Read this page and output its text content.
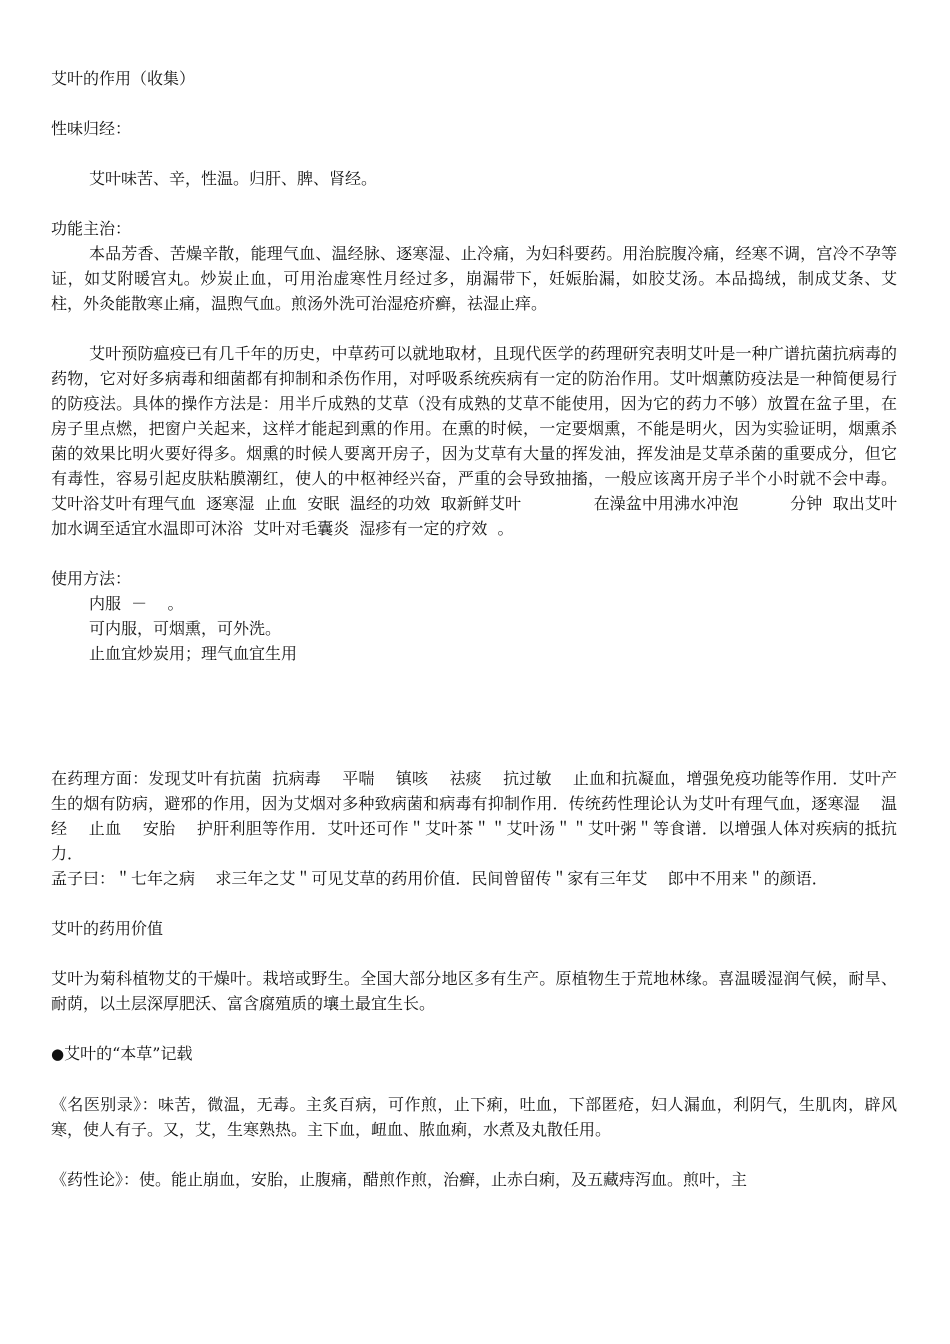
艾叶的作用（收集）

性味归经：

艾叶味苦、辛，性温。归肝、脾、肾经。

功能主治：

本品芳香、苦燥辛散，能理气血、温经脉、逐寒湿、止冷痛，为妇科要药。用治脘腹冷痛，经寒不调，宫冷不孕等证，如艾附暖宫丸。炒炭止血，可用治虚寒性月经过多，崩漏带下，妊娠胎漏，如胶艾汤。本品捣绒，制成艾条、艾柱，外灸能散寒止痛，温煦气血。煎汤外洗可治湿疮疥癣，祛湿止痒。

艾叶预防瘟疫已有几千年的历史，中草药可以就地取材，且现代医学的药理研究表明艾叶是一种广谱抗菌抗病毒的药物，它对好多病毒和细菌都有抑制和杀伤作用，对呼吸系统疾病有一定的防治作用。艾叶烟薰防疫法是一种简便易行的防疫法。具体的操作方法是：用半斤成熟的艾草（没有成熟的艾草不能使用，因为它的药力不够）放置在盆子里，在房子里点燃，把窗户关起来，这样才能起到熏的作用。在熏的时候，一定要烟熏，不能是明火，因为实验证明，烟熏杀菌的效果比明火要好得多。烟熏的时候人要离开房子，因为艾草有大量的挥发油，挥发油是艾草杀菌的重要成分，但它有毒性，容易引起皮肤粘膜潮红，使人的中枢神经兴奋，严重的会导致抽搐，一般应该离开房子半个小时就不会中毒。艾叶浴艾叶有理气血  逐寒湿  止血  安眠  温经的功效  取新鲜艾叶              在澡盆中用沸水冲泡          分钟  取出艾叶加水调至适宜水温即可沐浴  艾叶对毛囊炎  湿疹有一定的疗效  。

使用方法：

内服  －    。

可内服，可烟熏，可外洗。

止血宜炒炭用；理气血宜生用

在药理方面：发现艾叶有抗菌  抗病毒    平喘    镇咳    祛痰    抗过敏    止血和抗凝血，增强免疫功能等作用．艾叶产生的烟有防病，避邪的作用，因为艾烟对多种致病菌和病毒有抑制作用．传统药性理论认为艾叶有理气血，逐寒湿    温经    止血    安胎    护肝利胆等作用．艾叶还可作＂艾叶茶＂＂艾叶汤＂＂艾叶粥＂等食谱．以增强人体对疾病的抵抗力．

孟子曰：＂七年之病    求三年之艾＂可见艾草的药用价值．民间曾留传＂家有三年艾    郎中不用来＂的颜语．

艾叶的药用价值

艾叶为菊科植物艾的干燥叶。栽培或野生。全国大部分地区多有生产。原植物生于荒地林缘。喜温暖湿润气候，耐旱、耐荫，以土层深厚肥沃、富含腐殖质的壤土最宜生长。

●艾叶的“本草”记载

《名医别录》：味苦，微温，无毒。主炙百病，可作煎，止下痢，吐血，下部匿疮，妇人漏血，利阴气，生肌肉，辟风寒，使人有子。又，艾，生寒熟热。主下血，衄血、脓血痢，水煮及丸散任用。

《药性论》：使。能止崩血，安胎，止腹痛，醋煎作煎，治癣，止赤白痢，及五藏痔泻血。煎叶，主
